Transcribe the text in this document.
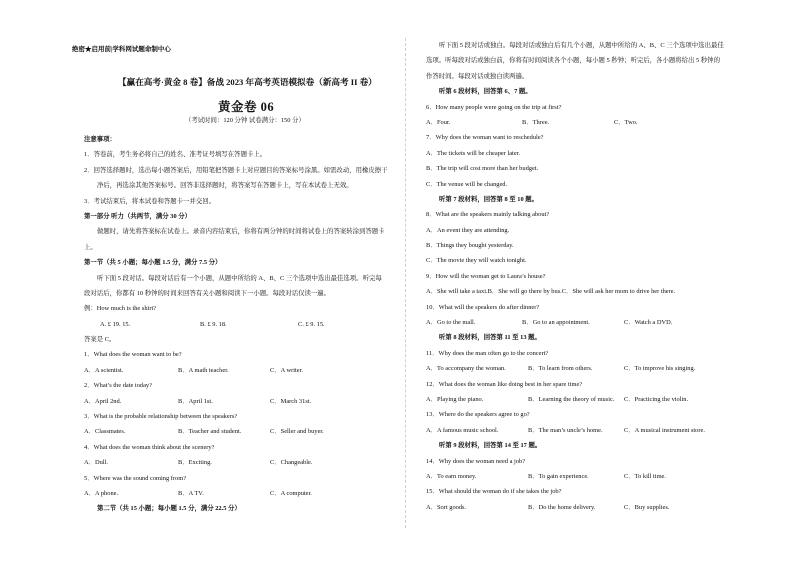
绝密★启用前|学科网试题命制中心
【赢在高考·黄金 8 卷】备战 2023 年高考英语模拟卷（新高考 II 卷）
黄金卷 06
（考试时间：120 分钟 试卷满分：150 分）
注意事项：
1．答卷前，考生务必将自己的姓名、准考证号填写在答题卡上。
2．回答选择题时，选出每小题答案后，用铅笔把答题卡上对应题目的答案标号涂黑。如需改动，用橡皮擦干
净后，再选涂其他答案标号。回答非选择题时，将答案写在答题卡上，写在本试卷上无效。
3．考试结束后，将本试卷和答题卡一并交回。
第一部分 听力（共两节，满分 30 分）
做题时，请先将答案标在试卷上。录音内容结束后，你将有两分钟的时间将试卷上的答案转涂到答题卡
上。
第一节（共 5 小题；每小题 1.5 分，满分 7.5 分）
听下面 5 段对话。每段对话后有一个小题，从题中所给的 A、B、C 三个选项中选出最佳选项。听完每
段对话后，你都有 10 秒钟的时间来回答有关小题和阅读下一小题。每段对话仅读一遍。
例：How much is the shirt?
A. £ 19. 15.	B. £ 9. 18.	C. £ 9. 15.
答案是 C。
1．What does the woman want to be?
A．A scientist.	B．A math teacher.	C．A writer.
2．What’s the date today?
A．April 2nd.	B．April 1st.	C．March 31st.
3．What is the probable relationship between the speakers?
A．Classmates.	B．Teacher and student.	C．Seller and buyer.
4．What does the woman think about the scenery?
A．Dull.	B．Exciting.	C．Changeable.
5．Where was the sound coming from?
A．A phone.	B．A TV.	C．A computer.
第二节（共 15 小题；每小题 1.5 分，满分 22.5 分）
听下面 5 段对话或独白。每段对话或独白后有几个小题，从题中所给的 A、B、C 三个选项中选出最佳
选项。听每段对话或独白前，你将有时间阅读各个小题，每小题 5 秒钟；听完后，各小题将给出 5 秒钟的
作答时间。每段对话或独白读两遍。
听第 6 段材料，回答第 6、7 题。
6．How many people were going on the trip at first?
A．Four.	B．Three.	C．Two.
7．Why does the woman want to reschedule?
A．The tickets will be cheaper later.
B．The trip will cost more than her budget.
C．The venue will be changed.
听第 7 段材料，回答第 8 至 10 题。
8．What are the speakers mainly talking about?
A．An event they are attending.
B．Things they bought yesterday.
C．The movie they will watch tonight.
9．How will the woman get to Laura’s house?
A．She will take a taxi.B．She will go there by bus.C．She will ask her mom to drive her there.
10．What will the speakers do after dinner?
A．Go to the mall.	B．Go to an appointment.	C．Watch a DVD．
听第 8 段材料，回答第 11 至 13 题。
11．Why does the man often go to the concert?
A．To accompany the woman.	B．To learn from others.	C．To improve his singing.
12．What does the woman like doing best in her spare time?
A．Playing the piano.	B．Learning the theory of music. C．Practicing the violin.
13．Where do the speakers agree to go?
A．A famous music school.	B．The man’s uncle’s home.	C．A musical instrument store.
听第 9 段材料，回答第 14 至 17 题。
14．Why does the woman need a job?
A．To earn money.	B．To gain experience.	C．To kill time.
15．What should the woman do if she takes the job?
A．Sort goods.	B．Do the home delivery.	C．Buy supplies.
